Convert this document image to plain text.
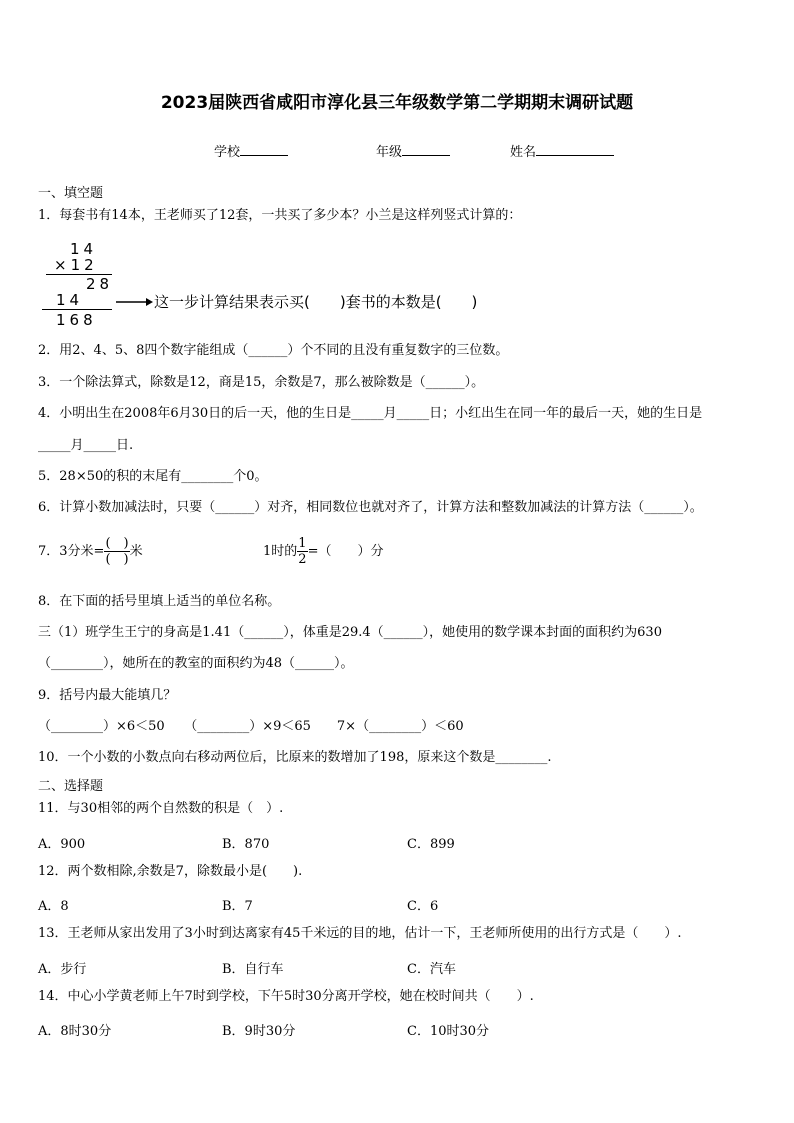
2023届陕西省咸阳市淳化县三年级数学第二学期期末调研试题
学校	年级	姓名
一、填空题
1．每套书有14本，王老师买了12套，一共买了多少本？小兰是这样列竖式计算的：
14
×12
28
14
168
这一步计算结果表示买(　　)套书的本数是(　　)
2．用2、4、5、8四个数字能组成（______）个不同的且没有重复数字的三位数。
3．一个除法算式，除数是12，商是15，余数是7，那么被除数是（______）。
4．小明出生在2008年6月30日的后一天，他的生日是_____月_____日；小红出生在同一年的最后一天，她的生日是
_____月_____日.
5．28×50的积的末尾有________个0。
6．计算小数加减法时，只要（______）对齐，相同数位也就对齐了，计算方法和整数加减法的计算方法（______）。
7．3分米= $\frac{( )}{( )}$ 米	1时的 $\frac{1}{2}$ =（　　）分
8．在下面的括号里填上适当的单位名称。
三（1）班学生王宁的身高是1.41（______），体重是29.4（______），她使用的数学课本封面的面积约为630
（________），她所在的教室的面积约为48（______）。
9．括号内最大能填几？
（________）×6＜50　　（________）×9＜65　　7×（________）＜60
10．一个小数的小数点向右移动两位后，比原来的数增加了198，原来这个数是________.
二、选择题
11．与30相邻的两个自然数的积是（　）.
A．900	B．870	C．899
12．两个数相除,余数是7，除数最小是(　　).
A．8	B．7	C．6
13．王老师从家出发用了3小时到达离家有45千米远的目的地，估计一下，王老师所使用的出行方式是（　　）.
A．步行	B．自行车	C．汽车
14．中心小学黄老师上午7时到学校，下午5时30分离开学校，她在校时间共（　　）.
A．8时30分	B．9时30分	C．10时30分
